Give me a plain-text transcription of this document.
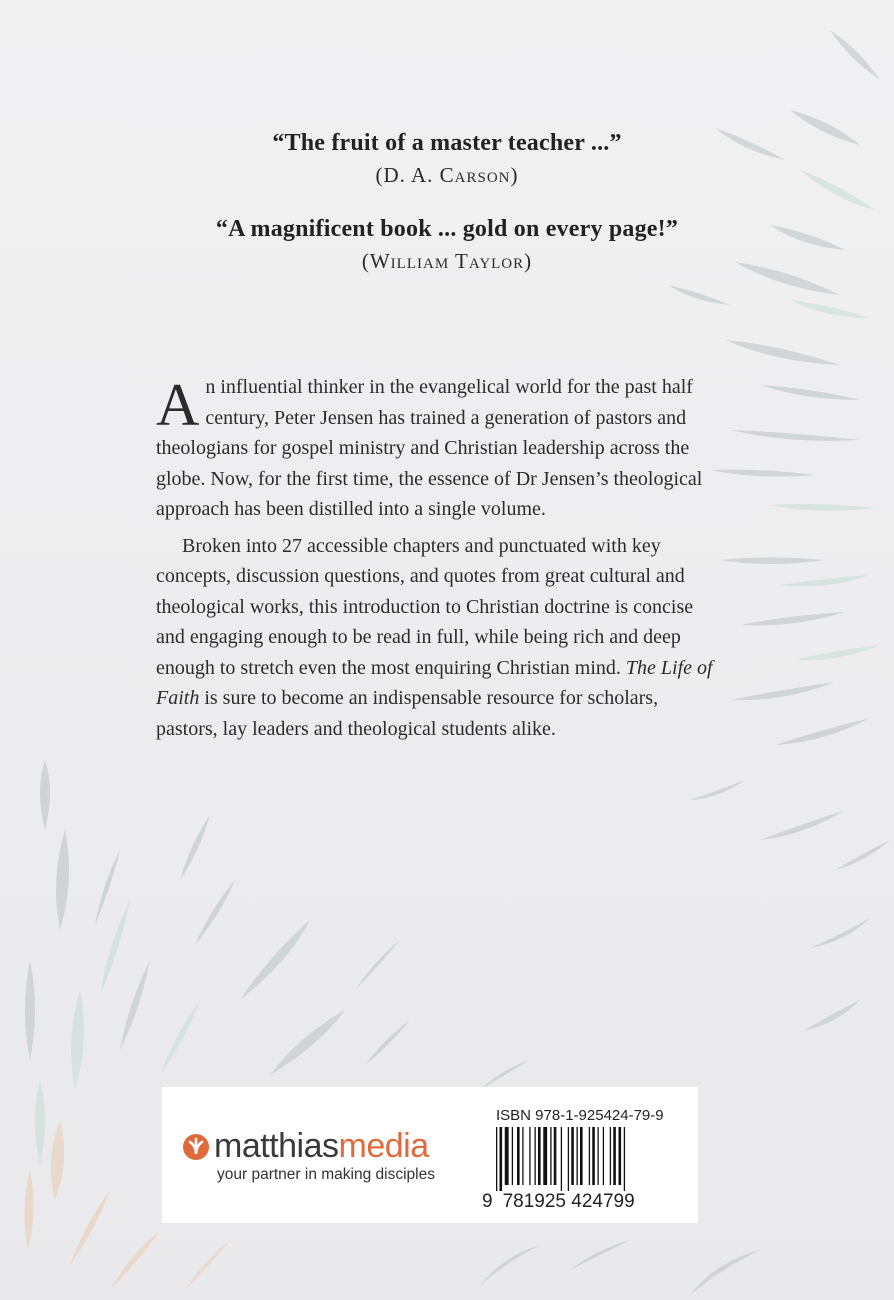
“The fruit of a master teacher ...”
(D. A. Carson)
“A magnificent book ... gold on every page!”
(William Taylor)

An influential thinker in the evangelical world for the past half century, Peter Jensen has trained a generation of pastors and theologians for gospel ministry and Christian leadership across the globe. Now, for the first time, the essence of Dr Jensen’s theological approach has been distilled into a single volume.

Broken into 27 accessible chapters and punctuated with key concepts, discussion questions, and quotes from great cultural and theological works, this introduction to Christian doctrine is concise and engaging enough to be read in full, while being rich and deep enough to stretch even the most enquiring Christian mind. The Life of Faith is sure to become an indispensable resource for scholars, pastors, lay leaders and theological students alike.

matthias media
your partner in making disciples
ISBN 978-1-925424-79-9
9 781925 424799
